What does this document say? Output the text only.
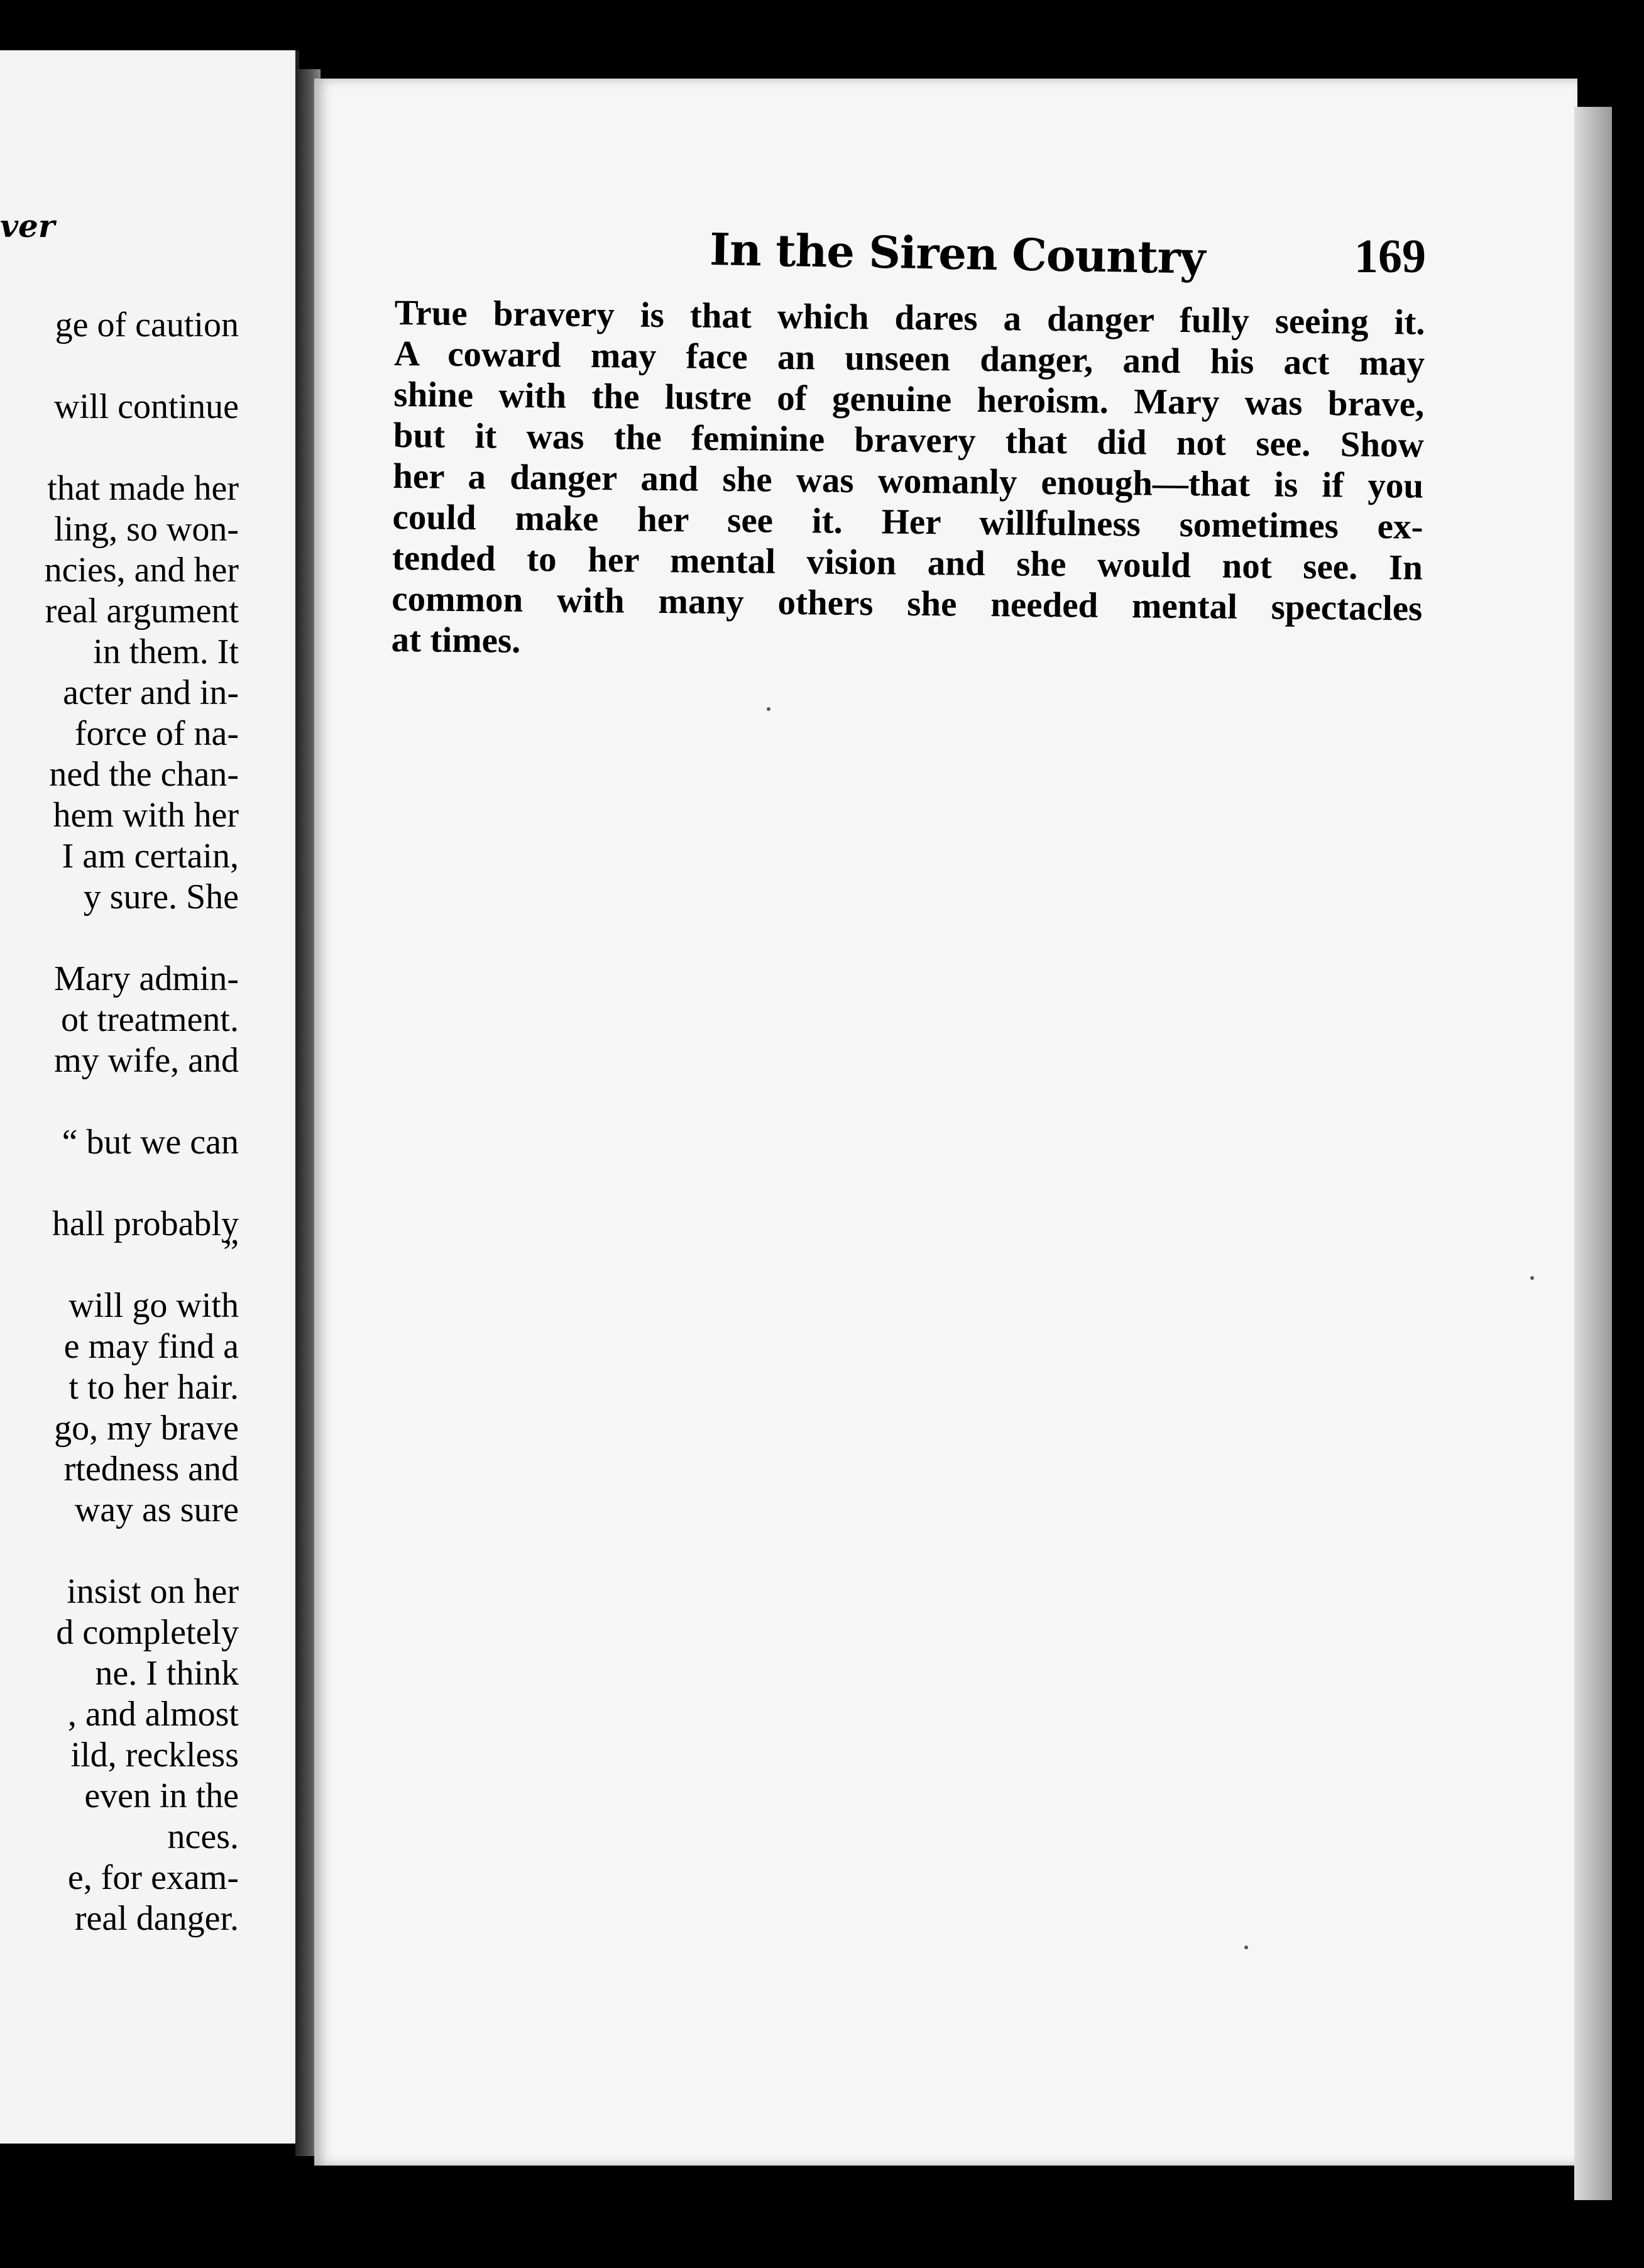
ver
ge of caution
will continue
that made her
ling, so won-
ncies, and her
real argument
in them. It
acter and in-
force of na-
ned the chan-
hem with her
I am certain,
y sure. She
Mary admin-
ot treatment.
my wife, and
“ but we can
hall probably
”
will go with
e may find a
t to her hair.
go, my brave
rtedness and
way as sure
insist on her
d completely
ne. I think
, and almost
ild, reckless
even in the
nces.
e, for exam-
real danger.
In the Siren Country	169
True bravery is that which dares a danger fully seeing it.
A coward may face an unseen danger, and his act may
shine with the lustre of genuine heroism. Mary was brave,
but it was the feminine bravery that did not see. Show
her a danger and she was womanly enough—that is if you
could make her see it. Her willfulness sometimes ex-
tended to her mental vision and she would not see. In
common with many others she needed mental spectacles
at times.
